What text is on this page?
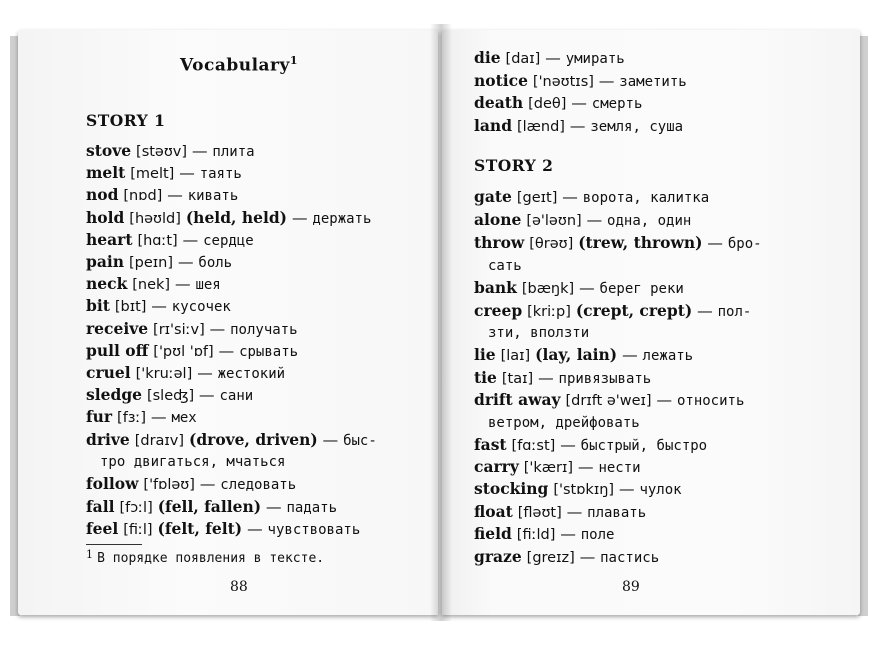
Vocabulary$^1$
STORY 1
stove [stəʊv] — плита
melt [melt] — таять
nod [nɒd] — кивать
hold [həʊld] (held, held) — держать
heart [hɑːt] — сердце
pain [peɪn] — боль
neck [nek] — шея
bit [bɪt] — кусочек
receive [rɪ'siːv] — получать
pull off ['pʊl 'ɒf] — срывать
cruel ['kruːəl] — жестокий
sledge [sleʤ] — сани
fur [fɜː] — мех
drive [draɪv] (drove, driven) — быс-
follow ['fɒləʊ] — следовать
fall [fɔːl] (fell, fallen) — падать
feel [fiːl] (felt, felt) — чувствовать
тро двигаться, мчаться
$^1$ В порядке появления в тексте.
88
die [daɪ] — умирать
notice ['nəʊtɪs] — заметить
death [deθ] — смерть
land [lænd] — земля, суша
STORY 2
gate [geɪt] — ворота, калитка
alone [ə'ləʊn] — одна, один
throw [θrəʊ] (trew, thrown) — бро-
bank [bæŋk] — берег реки
creep [kriːp] (crept, crept) — пол-
lie [laɪ] (lay, lain) — лежать
tie [taɪ] — привязывать
drift away [drɪft ə'weɪ] — относить
fast [fɑːst] — быстрый, быстро
carry ['kærɪ] — нести
stocking ['stɒkɪŋ] — чулок
float [fləʊt] — плавать
field [fiːld] — поле
graze [greɪz] — пастись
сать
зти, вползти
ветром, дрейфовать
89
